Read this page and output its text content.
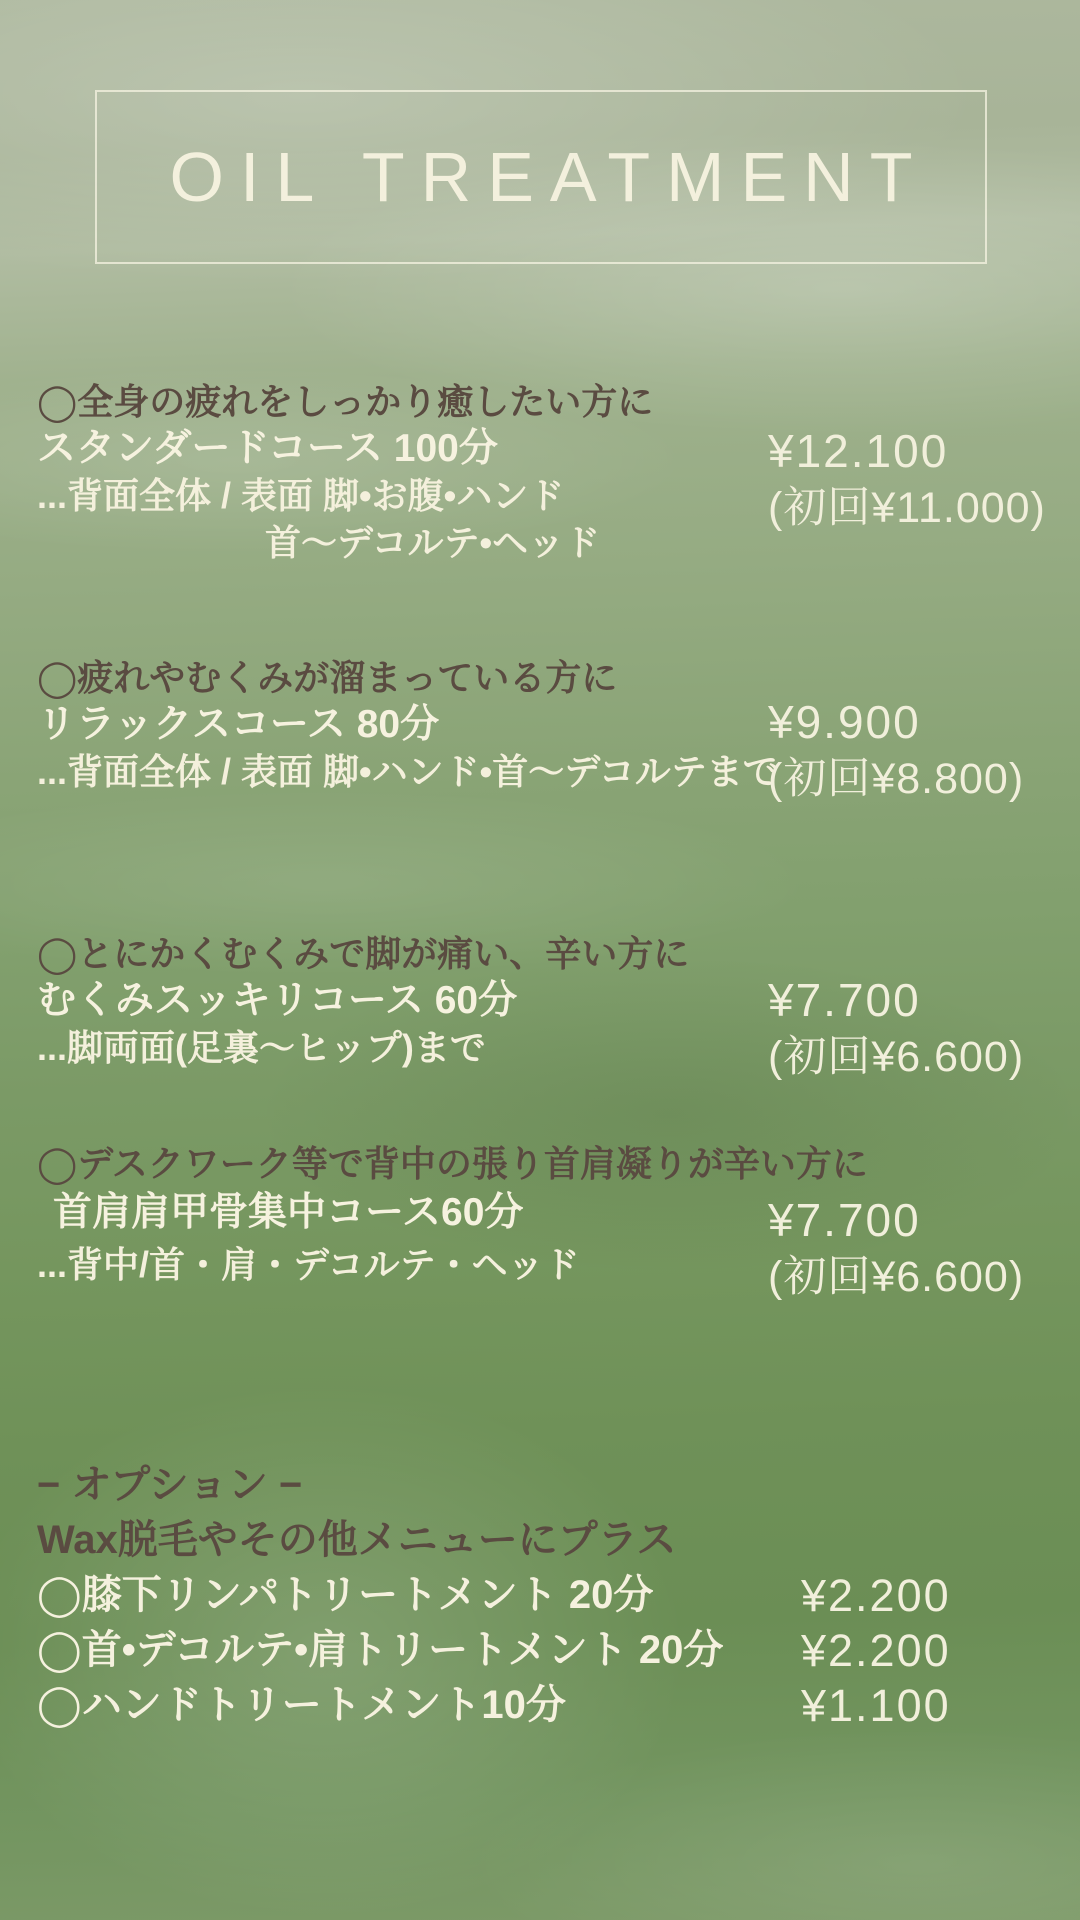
OIL TREATMENT

◯全身の疲れをしっかり癒したい方に

スタンダードコース 100分

...背面全体 / 表面 脚•お腹•ハンド

首〜デコルテ•ヘッド

¥12.100

(初回¥11.000)

◯疲れやむくみが溜まっている方に

リラックスコース 80分

...背面全体 / 表面 脚•ハンド•首〜デコルテまで

¥9.900

(初回¥8.800)

◯とにかくむくみで脚が痛い、辛い方に

むくみスッキリコース 60分

...脚両面(足裏〜ヒップ)まで

¥7.700

(初回¥6.600)

◯デスクワーク等で背中の張り首肩凝りが辛い方に

首肩肩甲骨集中コース60分

...背中/首・肩・デコルテ・ヘッド

¥7.700

(初回¥6.600)

− オプション −

Wax脱毛やその他メニューにプラス

◯膝下リンパトリートメント 20分	¥2.200

◯首•デコルテ•肩トリートメント 20分	¥2.200

◯ハンドトリートメント10分	¥1.100
